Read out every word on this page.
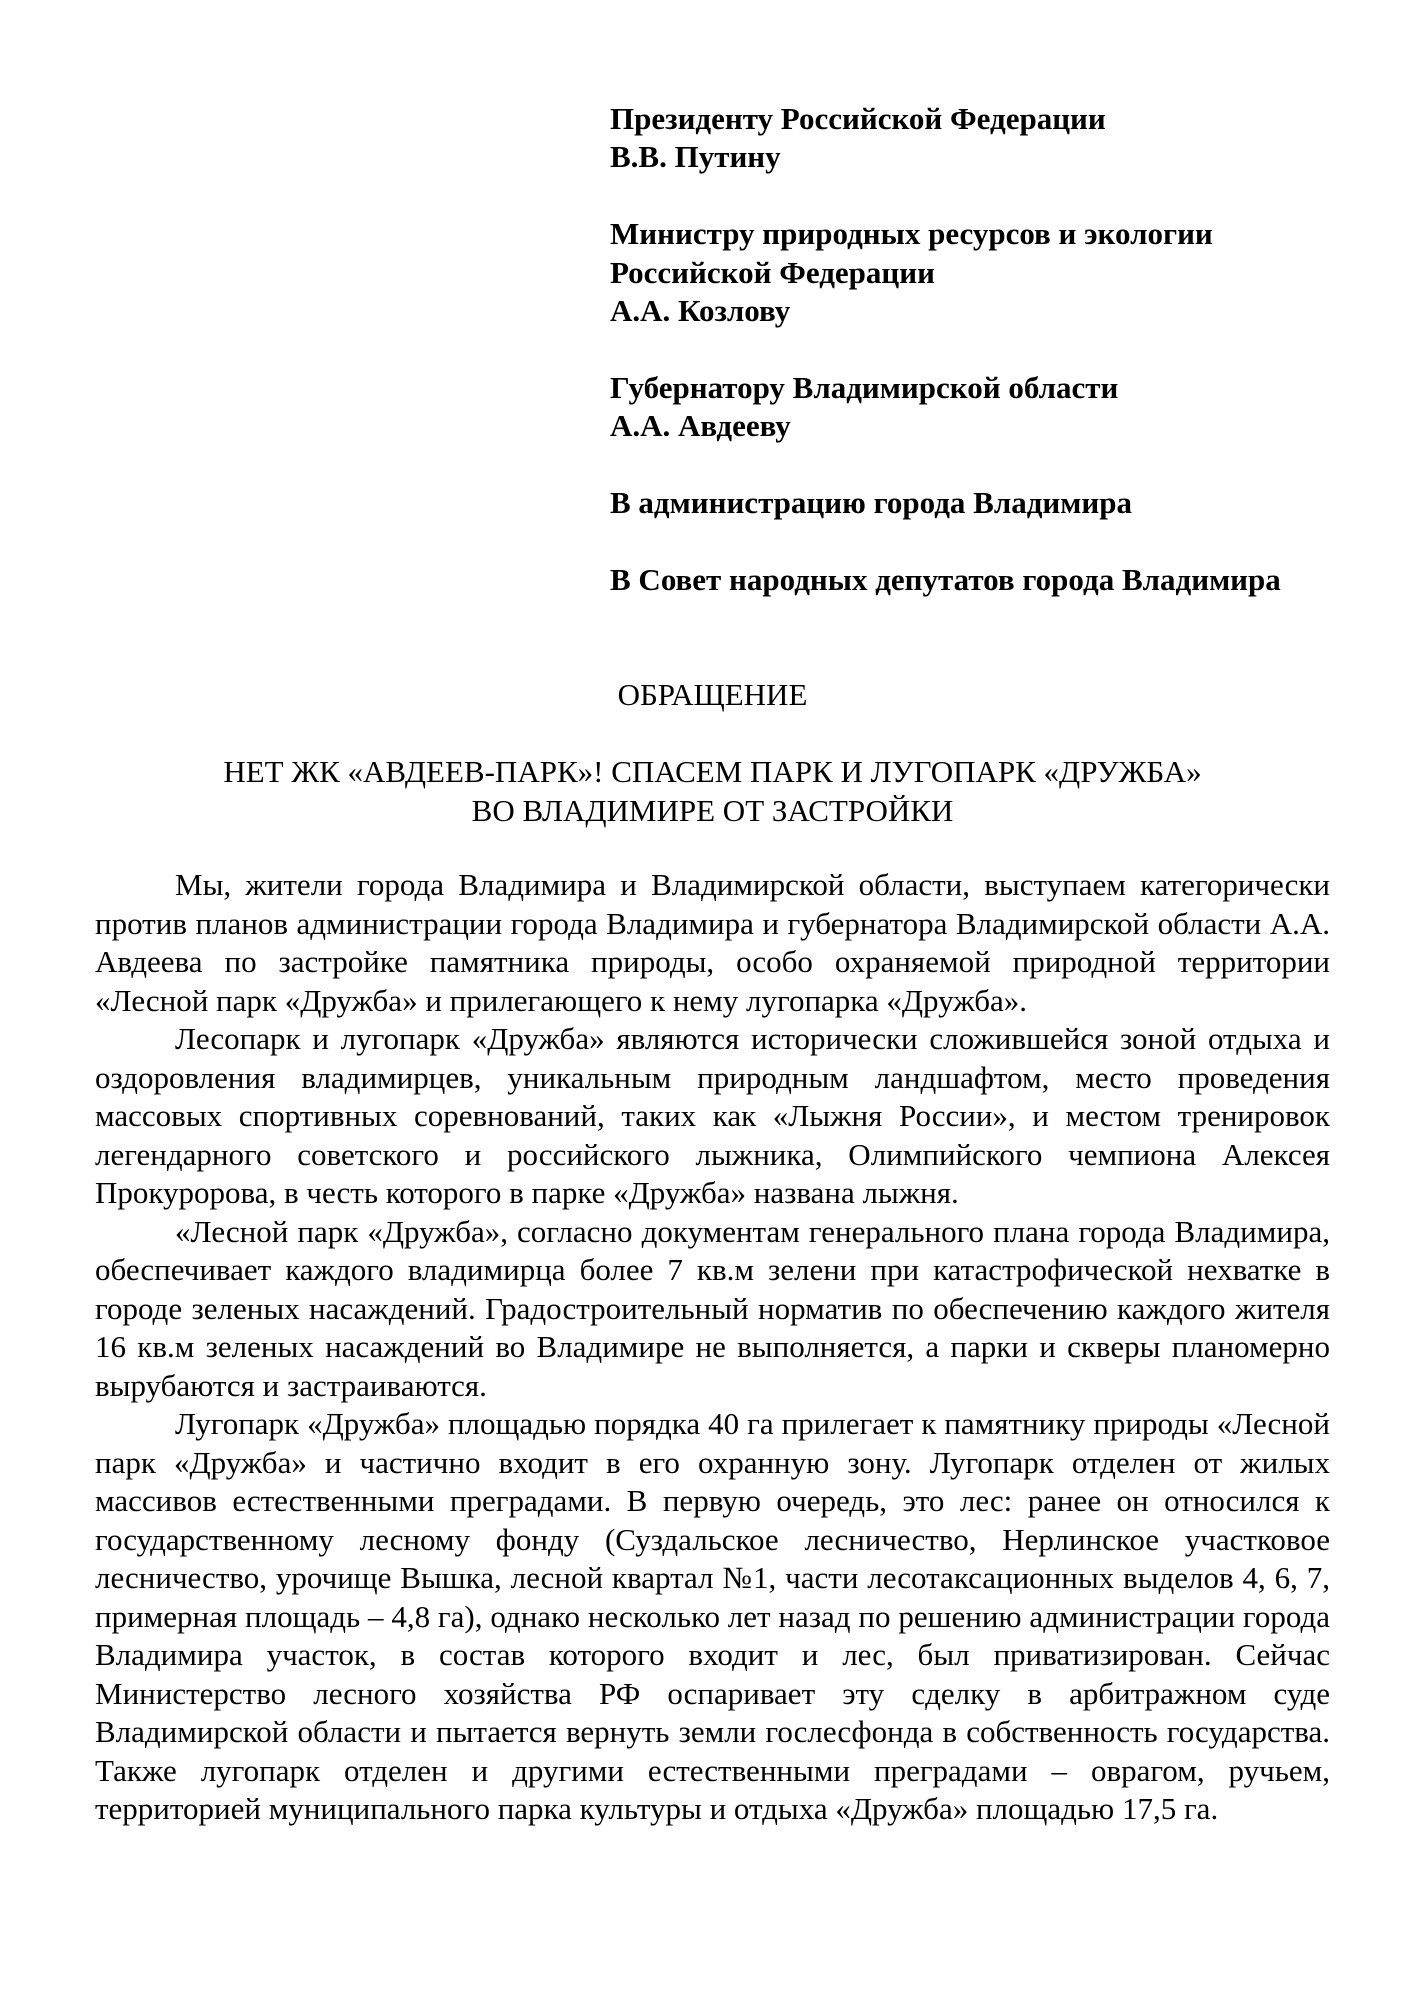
Президенту Российской Федерации
В.В. Путину
Министру природных ресурсов и экологии
Российской Федерации
А.А. Козлову
Губернатору Владимирской области
А.А. Авдееву
В администрацию города Владимира
В Совет народных депутатов города Владимира
ОБРАЩЕНИЕ
НЕТ ЖК «АВДЕЕВ-ПАРК»! СПАСЕМ ПАРК И ЛУГОПАРК «ДРУЖБА»
ВО ВЛАДИМИРЕ ОТ ЗАСТРОЙКИ

Мы, жители города Владимира и Владимирской области, выступаем категорически против планов администрации города Владимира и губернатора Владимирской области А.А. Авдеева по застройке памятника природы, особо охраняемой природной территории «Лесной парк «Дружба» и прилегающего к нему лугопарка «Дружба».

Лесопарк и лугопарк «Дружба» являются исторически сложившейся зоной отдыха и оздоровления владимирцев, уникальным природным ландшафтом, место проведения массовых спортивных соревнований, таких как «Лыжня России», и местом тренировок легендарного советского и российского лыжника, Олимпийского чемпиона Алексея Прокуророва, в честь которого в парке «Дружба» названа лыжня.

«Лесной парк «Дружба», согласно документам генерального плана города Владимира, обеспечивает каждого владимирца более 7 кв.м зелени при катастрофической нехватке в городе зеленых насаждений. Градостроительный норматив по обеспечению каждого жителя 16 кв.м зеленых насаждений во Владимире не выполняется, а парки и скверы планомерно вырубаются и застраиваются.

Лугопарк «Дружба» площадью порядка 40 га прилегает к памятнику природы «Лесной парк «Дружба» и частично входит в его охранную зону. Лугопарк отделен от жилых массивов естественными преградами. В первую очередь, это лес: ранее он относился к государственному лесному фонду (Суздальское лесничество, Нерлинское участковое лесничество, урочище Вышка, лесной квартал №1, части лесотаксационных выделов 4, 6, 7, примерная площадь – 4,8 га), однако несколько лет назад по решению администрации города Владимира участок, в состав которого входит и лес, был приватизирован. Сейчас Министерство лесного хозяйства РФ оспаривает эту сделку в арбитражном суде Владимирской области и пытается вернуть земли гослесфонда в собственность государства. Также лугопарк отделен и другими естественными преградами – оврагом, ручьем, территорией муниципального парка культуры и отдыха «Дружба» площадью 17,5 га.
